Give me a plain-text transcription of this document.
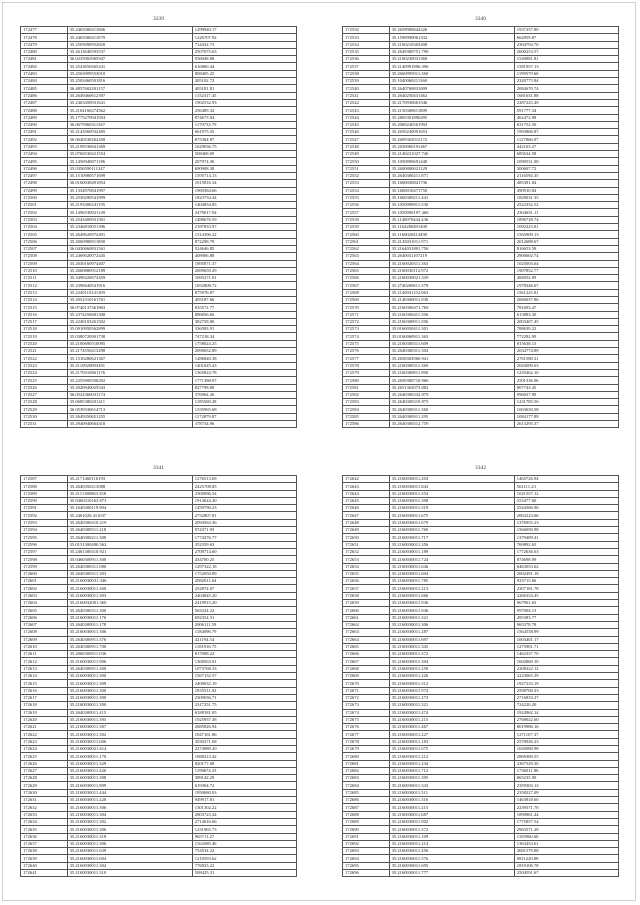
3339
172477	35.2463300411066	1299940.17
172478	35.2463300411079	1226707.92
172479	35.2505090952820	714432.73
172480	35.2613640593537	2507075.63
172481	36.0235902965947	936048.88
172482	35.2543650265441	616860.44
172483	35.2563909553010	808405.25
172484	35.2503460501816	205102.72
172485	36.4857602201157	405181.81
172486	35.2649460612397	1152317.45
172487	35.2463450931641	1902532.93
172488	35.2104160274562	256489.32
172489	35.1775270941954	874673.94
172490	36.0675960311367	1170733.79
172491	35.2143560932485	661975.35
172492	36.0640530262458	875384.87
172493	35.2199536841369	1629036.75
172494	35.0760530421554	508468.69
172495	35.1456940871186	207974.36
172496	35.0356590111247	690908.38
172497	35.1510980571699	1595714.13
172498	36.0160030491854	1015816.34
172499	35.1334970841997	1969384.66
172500	35.2530290541999	1823734.44
172501	35.2193300241195	1404854.85
172502	35.1496530921149	2479017.94
172503	35.2543400931501	1488676.59
172504	35.2346810051396	2187833.97
172505	35.2649620972491	1314396.22
172506	35.2060980911890	872298.79
172507	36.0430660831561	524646.85
172508	35.2469020072445	408906.88
172509	35.2630160974407	1895871.37
172510	35.2660880912189	2699659.29
172511	35.3498420673459	1695271.61
172512	35.2396640541916	1052808.72
172513	35.2249110141109	875976.87
172514	35.2052310161761	405187.66
172515	36.0740137361863	835572.77
172516	35.2374250681308	886856.66
172517	35.2240103261502	382758.80
172518	35.0910950562899	336583.91
172519	35.0380720901738	747218.34
172520	35.2100690510095	1758024.25
172521	35.2174550413298	2090652.89
172522	35.1510280621367	1486840.38
172523	35.2110920093491	1401025.43
172524	35.2170310861176	1365824.78
172525	35.2255900350292	1771388.07
172526	35.2020940025543	827798.88
172527	36.0524360031174	376964.26
172528	35.0685380201411	1185568.28
172529	36.0539330614713	1335965.68
172530	35.2649350651255	1172879.87
172531	35.2940940664318	378734.96
3340
172532	35.2659900644326	1937257.80
172533	35.1590990061332	662859.87
172534	35.2160210303408	2304794.70
172535	35.2649300751.790	2600253.57
172536	35.2160230031368	1549881.81
172537	35.2140991806.396	1581957.13
172538	35.2660995911.360	1199579.60
172539	35.1040060211360	2320775.84
172540	35.2640760831699	2084670.74
172541	35.2640250431462	1681631.88
172542	35.2170930661546	2287225.49
172543	35.2150300611809	591777.34
172544	35.2865301890495	462472.98
172545	35.2000240561993	631752.50
172546	35.2650240091653	1993866.87
172547	35.2609302012172	1127866.07
172548	35.2650060191467	442163.27
172549	35.2140221027.746	685634.58
172550	35.1050890691440	1090531.00
172551	35.2600800021129	300607.72
172552	35.2640300211.871	2116594.35
172553	35.1660030841736	485381.04
172554	35.1600010471750	490910.84
172555	35.1660300211.441	1829031.35
172556	35.1050090911.530	2522332.52
172557	35.1050090197.460	2304631.11
172558	35.1140070444.436	1896728.74
172559	35.1164280491400	1092223.81
172560	35.1160020414490	1565909.13
172561	35.2145031011.971	2012688.67
172562	35.2164031801.756	816653.58
172563	35.2640031107219	2900602.74
172564	35.2160020311.363	1025003.64
172565	35.2160030112.972	1907852.77
172566	35.2160030021.539	484052.09
172567	35.2740200611.379	1978346.67
172568	35.2140031152.063	1561225.81
172569	35.2140300011.930	2060037.86
172570	35.2160300471.769	781003.47
172571	35.2160300411.506	613883.30
172572	35.2160300911.506	2003407.45
172573	35.0160050411.301	788639.22
172574	35.0160060911.363	772292.99
172575	35.2160300311.609	815638.15
172576	35.2640300311.304	2034774.89
172577	35.2650302960.941	2761580.31
172578	35.2160300311.369	2043009.63
172579	35.2160300811.900	1235462.10
172580	35.2650300710.966	2501336.06
172581	35.2651302073.882	807743.45
172582	35.2640300332.879	996037.09
172583	35.2640300319.875	1231785.56
172584	35.2640300311.360	1063630.58
172585	35.2640300911.295	1084177.89
172586	35.2640300312.759	2613295.37
3341
172587	35.2171460116193	1276513.69
172588	35.2640350213088	2425708.85
172589	35.2111380963.358	2300096.54
172590	35.0460310163.873	1914624.20
172591	35.1640300119.904	1459790.23
172592	35.2461020.411037	2752807.81
172593	35.2640300410.219	2094563.36
172594	35.2640300511.218	974371.93
172595	35.2640300211.300	1774376.77
172596	35.0131300490.562	352359.63
172597	35.2461300310.921	2709714.60
172598	35.0460300911.300	434700.25
172599	35.2640300311.080	1297322.18
172600	35.2640300311.303	1752050.89
172601	35.2160030031.346	2082011.64
172602	35.2160030011.260	252874.07
172603	35.2160030011.303	2404845.20
172604	35.2160032001.360	2419915.20
172605	35.2640300311.300	563324.22
172606	35.2160030011.176	692354.31
172607	35.2640300911.178	2006111.59
172608	35.2160030011.306	1184096.79
172609	35.2640300911.376	421194.54
172610	35.2640300911.700	1181916.75
172611	35.2060300911.036	817008.22
172612	35.2160030011.906	1368563.91
172613	35.2640300911.300	1073768.33
172614	35.2160030011.300	1567152.57
172615	35.2160030011.309	2409032.19
172616	35.2160030011.300	1835511.92
172617	35.2160030011.390	2309036.71
172618	35.2160030011.390	2317251.75
172619	35.2640300911.415	6188181.05
172620	35.2160030011.395	1925957.38
172621	35.2160030011.307	2685826.94
172622	35.2160030011.302	1047161.86
172623	35.2160030011.606	2030271.68
172624	35.2160030021.614	2274989.20
172625	35.2160030011.170	1088213.42
172626	35.2160030011.329	820177.68
172627	35.2160030011.426	1199674.33
172628	35.2160030011.398	389142.29
172629	35.2160030011.899	619304.72
172630	35.2160030011.444	1950680.03
172631	35.2160030011.220	949917.81
172632	35.2160030011.306	1301302.22
172633	35.2160030011.304	2803723.44
172634	35.2160030011.302	2714616.66
172635	35.2160030011.306	1231965.73
172636	35.2160030011.318	965711.27
172637	35.2160030011.306	1164589.40
172638	35.2160030011.639	754534.22
172639	35.2160030011.604	1210593.62
172640	35.2160030011.304	776923.22
172641	35.2160030011.310	508425.31
3342
172642	35.2160030011.203	1465726.94
172643	35.2160030011.843	561111.23
172644	35.2160030011.354	1021557.12
172645	35.2160030011.308	553477.60
172646	35.2160030011.319	2544566.96
172647	35.2160030011.675	2063223.66
172648	35.2160030011.679	1376955.23
172649	35.2160030011.760	1566050.98
172650	35.2160030011.717	1379489.41
172651	35.2160030011.356	769892.65
172652	35.2160030011.189	1772636.63
172653	35.2160030011.724	874698.09
172654	35.2160030011.646	6463053.62
172655	35.2160030011.694	2002491.18
172656	35.2160030011.785	933715.66
172657	35.2160030011.213	2307181.78
172658	35.2160030011.666	2266334.45
172659	35.2160030011.936	967961.63
172660	35.2160030011.946	997004.13
172661	35.2160030011.321	495383.77
172662	35.2160030011.306	965378.78
172663	35.2160030011.287	1564558.99
172664	35.2160030011.697	1003401.17
172665	35.2160030011.345	1275901.71
172666	35.2160030011.372	1462337.70
172667	35.2160030011.304	1602860.10
172668	35.2160030011.259	2208222.12
172669	35.2160030011.226	2223065.39
172670	35.2160030011.312	1927233.19
172671	35.2160030011.974	2598700.23
172672	35.2160030011.273	2716833.27
172673	35.2160030011.321	724220.20
172674	35.2160030011.474	1924962.14
172675	35.2160030011.215	2768022.60
172676	35.2160030011.467	8019986.16
172677	35.2160030011.227	1271107.37
172678	35.2160030011.183	2578926.23
172679	35.2160030011.075	1026980.98
172680	35.2160030011.212	2869380.55
172681	35.2160030011.234	2367529.30
172682	35.2160030011.712	1736011.86
172683	35.2160030011.395	865235.90
172684	35.2160030011.343	2359303.13
172685	35.2160030011.511	2358227.09
172686	35.2160030011.316	1463818.60
172687	35.2160030011.215	2239571.70
172688	35.2160030011.687	1890861.44
172689	35.2160030011.902	1775857.54
172690	35.2160030011.372	2963571.28
172691	35.2160030011.109	1183960.60
172692	35.2160030011.214	1363453.61
172693	35.2160030011.456	3681579.88
172694	35.2160030011.576	9811220.08
172695	35.2160030011.695	1819106.78
172696	35.2160030011.777	2504591.67
